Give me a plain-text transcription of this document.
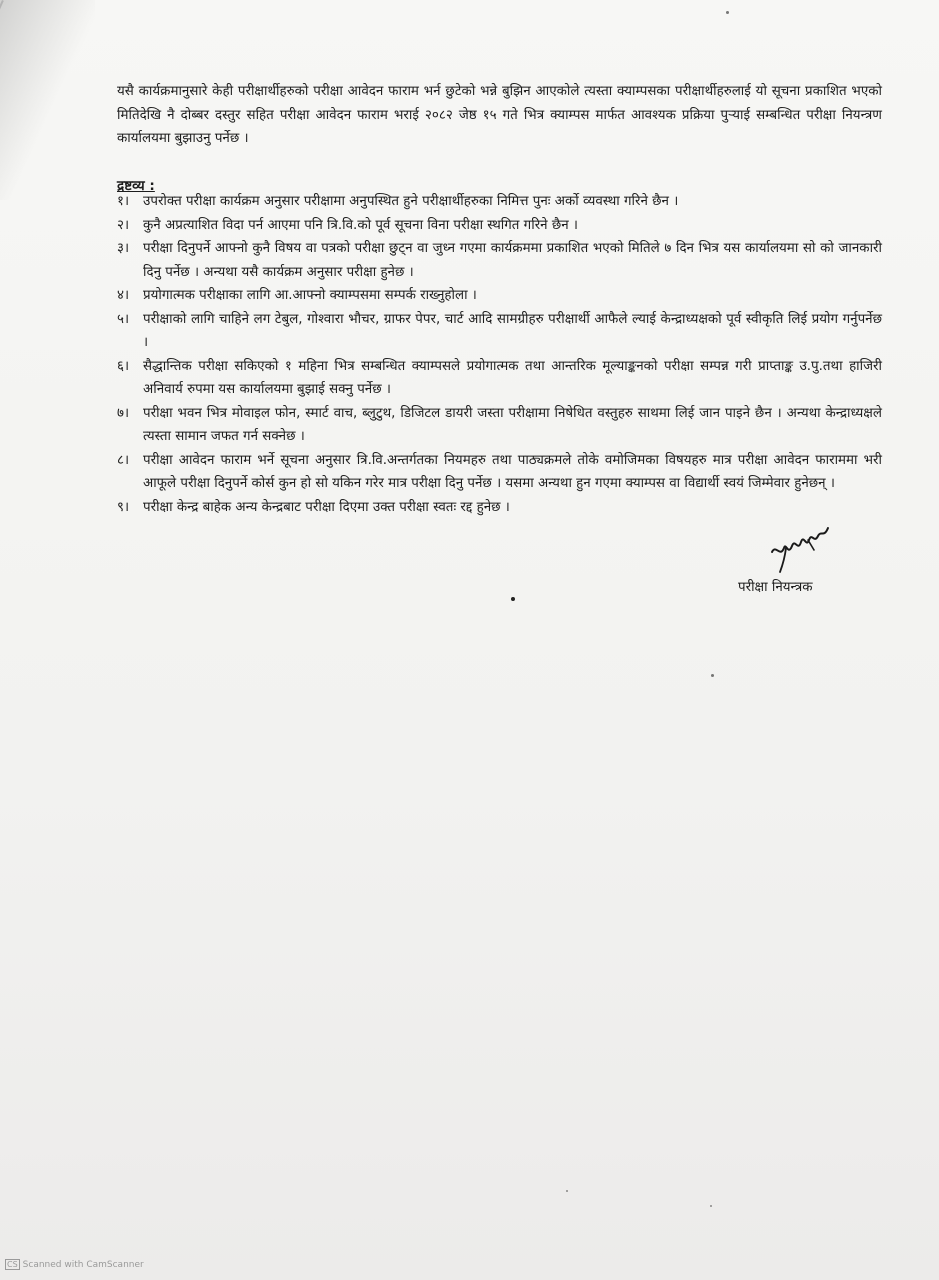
यसै कार्यक्रमानुसारे केही परीक्षार्थीहरुको परीक्षा आवेदन फाराम भर्न छुटेको भन्ने बुझिन आएकोले त्यस्ता क्याम्पसका परीक्षार्थीहरुलाई यो सूचना प्रकाशित भएको मितिदेखि नै दोब्बर दस्तुर सहित परीक्षा आवेदन फाराम भराई २०८२ जेष्ठ १५ गते भित्र क्याम्पस मार्फत आवश्यक प्रक्रिया पुर्‍याई सम्बन्धित परीक्षा नियन्त्रण कार्यालयमा बुझाउनु पर्नेछ ।

द्रष्टव्य :
१।	उपरोक्त परीक्षा कार्यक्रम अनुसार परीक्षामा अनुपस्थित हुने परीक्षार्थीहरुका निमित्त पुनः अर्को व्यवस्था गरिने छैन ।
२।	कुनै अप्रत्याशित विदा पर्न आएमा पनि त्रि.वि.को पूर्व सूचना विना परीक्षा स्थगित गरिने छैन ।
३।	परीक्षा दिनुपर्ने आफ्नो कुनै विषय वा पत्रको परीक्षा छुट्न वा जुध्न गएमा कार्यक्रममा प्रकाशित भएको मितिले ७ दिन भित्र यस कार्यालयमा सो को जानकारी दिनु पर्नेछ । अन्यथा यसै कार्यक्रम अनुसार परीक्षा हुनेछ ।
४।	प्रयोगात्मक परीक्षाका लागि आ.आफ्नो क्याम्पसमा सम्पर्क राख्नुहोला ।
५।	परीक्षाको लागि चाहिने लग टेबुल, गोश्वारा भौचर, ग्राफर पेपर, चार्ट आदि सामग्रीहरु परीक्षार्थी आफैले ल्याई केन्द्राध्यक्षको पूर्व स्वीकृति लिई प्रयोग गर्नुपर्नेछ ।
६।	सैद्धान्तिक परीक्षा सकिएको १ महिना भित्र सम्बन्धित क्याम्पसले प्रयोगात्मक तथा आन्तरिक मूल्याङ्कनको परीक्षा सम्पन्न गरी प्राप्ताङ्क उ.पु.तथा हाजिरी अनिवार्य रुपमा यस कार्यालयमा बुझाई सक्नु पर्नेछ ।
७।	परीक्षा भवन भित्र मोवाइल फोन, स्मार्ट वाच, ब्लुटुथ, डिजिटल डायरी जस्ता परीक्षामा निषेधित वस्तुहरु साथमा लिई जान पाइने छैन । अन्यथा केन्द्राध्यक्षले त्यस्ता सामान जफत गर्न सक्नेछ ।
८।	परीक्षा आवेदन फाराम भर्ने सूचना अनुसार त्रि.वि.अन्तर्गतका नियमहरु तथा पाठ्यक्रमले तोके वमोजिमका विषयहरु मात्र परीक्षा आवेदन फाराममा भरी आफूले परीक्षा दिनुपर्ने कोर्स कुन हो सो यकिन गरेर मात्र परीक्षा दिनु पर्नेछ । यसमा अन्यथा हुन गएमा क्याम्पस वा विद्यार्थी स्वयं जिम्मेवार हुनेछन् ।
९।	परीक्षा केन्द्र बाहेक अन्य केन्द्रबाट परीक्षा दिएमा उक्त परीक्षा स्वतः रद्द हुनेछ ।
परीक्षा नियन्त्रक
CS Scanned with CamScanner
